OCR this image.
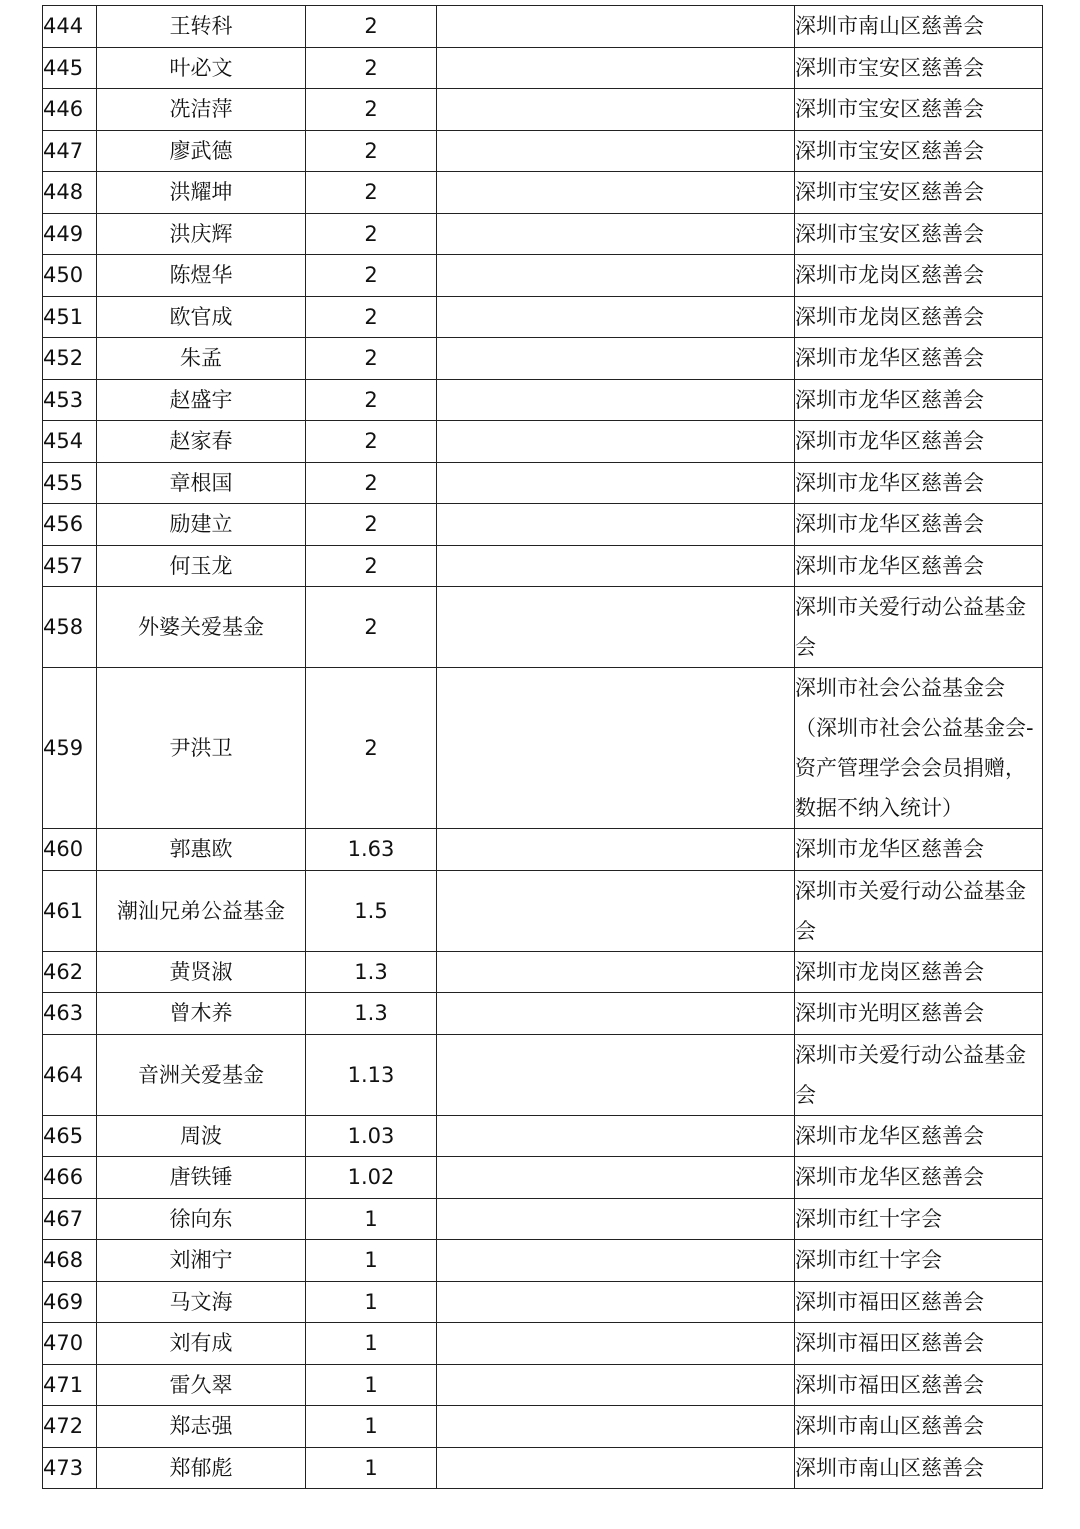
444	王转科	2		深圳市南山区慈善会
445	叶必文	2		深圳市宝安区慈善会
446	冼洁萍	2		深圳市宝安区慈善会
447	廖武德	2		深圳市宝安区慈善会
448	洪耀坤	2		深圳市宝安区慈善会
449	洪庆辉	2		深圳市宝安区慈善会
450	陈煜华	2		深圳市龙岗区慈善会
451	欧官成	2		深圳市龙岗区慈善会
452	朱孟	2		深圳市龙华区慈善会
453	赵盛宇	2		深圳市龙华区慈善会
454	赵家春	2		深圳市龙华区慈善会
455	章根国	2		深圳市龙华区慈善会
456	励建立	2		深圳市龙华区慈善会
457	何玉龙	2		深圳市龙华区慈善会
458	外婆关爱基金	2		深圳市关爱行动公益基金会
459	尹洪卫	2		深圳市社会公益基金会（深圳市社会公益基金会-资产管理学会会员捐赠，数据不纳入统计）
460	郭惠欧	1.63		深圳市龙华区慈善会
461	潮汕兄弟公益基金	1.5		深圳市关爱行动公益基金会
462	黄贤淑	1.3		深圳市龙岗区慈善会
463	曾木养	1.3		深圳市光明区慈善会
464	音洲关爱基金	1.13		深圳市关爱行动公益基金会
465	周波	1.03		深圳市龙华区慈善会
466	唐铁锤	1.02		深圳市龙华区慈善会
467	徐向东	1		深圳市红十字会
468	刘湘宁	1		深圳市红十字会
469	马文海	1		深圳市福田区慈善会
470	刘有成	1		深圳市福田区慈善会
471	雷久翠	1		深圳市福田区慈善会
472	郑志强	1		深圳市南山区慈善会
473	郑郁彪	1		深圳市南山区慈善会
